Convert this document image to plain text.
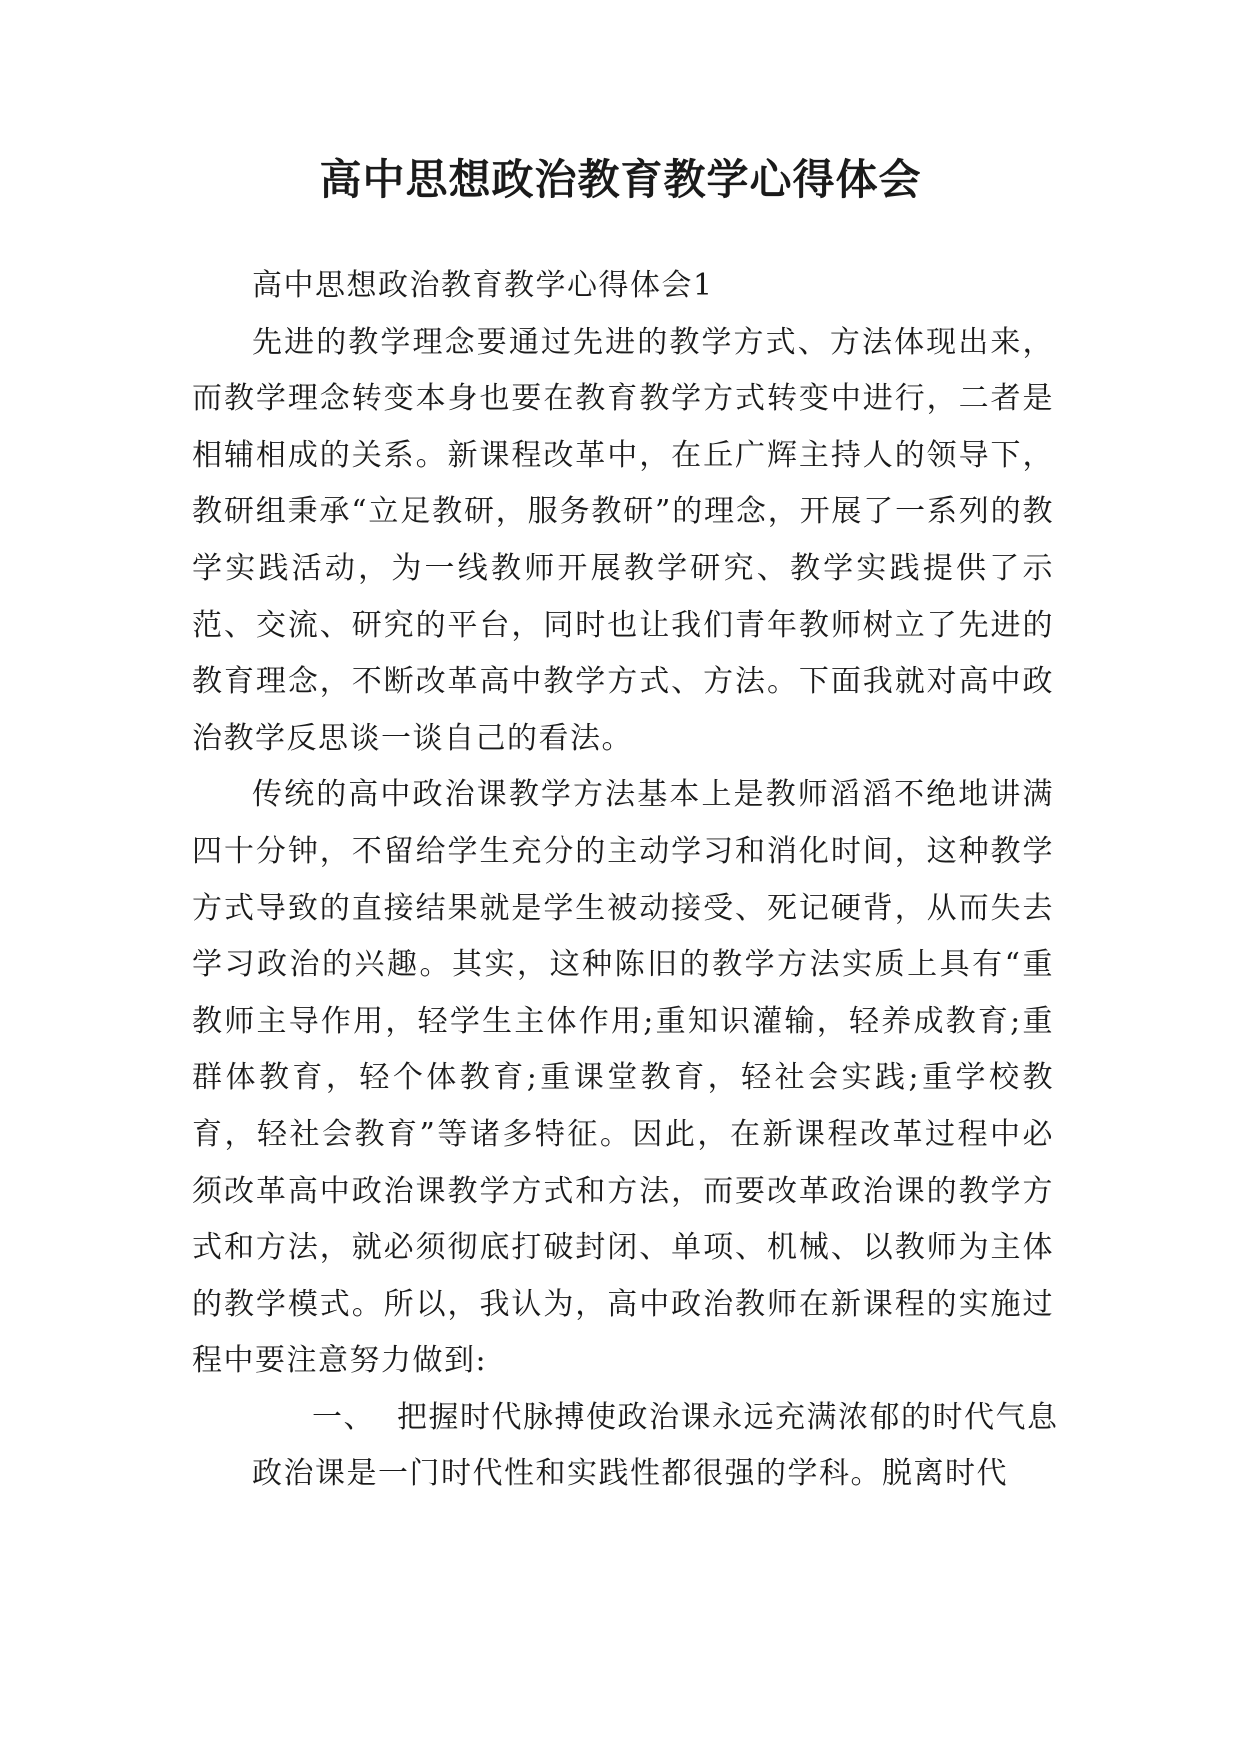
高中思想政治教育教学心得体会

高中思想政治教育教学心得体会1

先进的教学理念要通过先进的教学方式、方法体现出来，而教学理念转变本身也要在教育教学方式转变中进行，二者是相辅相成的关系。新课程改革中，在丘广辉主持人的领导下，教研组秉承“立足教研，服务教研”的理念，开展了一系列的教学实践活动，为一线教师开展教学研究、教学实践提供了示范、交流、研究的平台，同时也让我们青年教师树立了先进的教育理念，不断改革高中教学方式、方法。下面我就对高中政治教学反思谈一谈自己的看法。

传统的高中政治课教学方法基本上是教师滔滔不绝地讲满四十分钟，不留给学生充分的主动学习和消化时间，这种教学方式导致的直接结果就是学生被动接受、死记硬背，从而失去学习政治的兴趣。其实，这种陈旧的教学方法实质上具有“重教师主导作用，轻学生主体作用;重知识灌输，轻养成教育;重群体教育，轻个体教育;重课堂教育，轻社会实践;重学校教育，轻社会教育”等诸多特征。因此，在新课程改革过程中必须改革高中政治课教学方式和方法，而要改革政治课的教学方式和方法，就必须彻底打破封闭、单项、机械、以教师为主体的教学模式。所以，我认为，高中政治教师在新课程的实施过程中要注意努力做到:

一、 把握时代脉搏使政治课永远充满浓郁的时代气息

政治课是一门时代性和实践性都很强的学科。脱离时代
